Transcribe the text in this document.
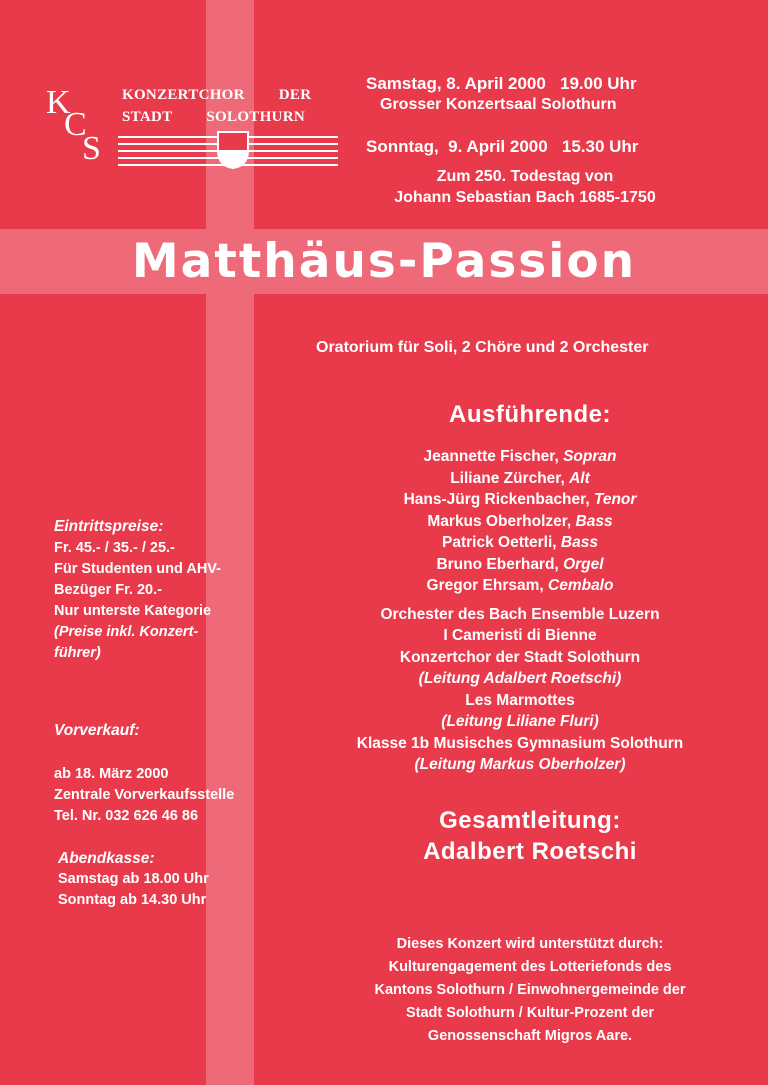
K
C
S
KONZERTCHOR DER
STADT SOLOTHURN

Samstag, 8. April 2000   19.00 Uhr

Sonntag,  9. April 2000   15.30 Uhr

Grosser Konzertsaal Solothurn
Zum 250. Todestag von
Johann Sebastian Bach 1685-1750
Matthäus-Passion
Oratorium für Soli, 2 Chöre und 2 Orchester
Ausführende:
Jeannette Fischer, Sopran
Liliane Zürcher, Alt
Hans-Jürg Rickenbacher, Tenor
Markus Oberholzer, Bass
Patrick Oetterli, Bass
Bruno Eberhard, Orgel
Gregor Ehrsam, Cembalo
Orchester des Bach Ensemble Luzern
I Cameristi di Bienne
Konzertchor der Stadt Solothurn
(Leitung Adalbert Roetschi)
Les Marmottes
(Leitung Liliane Fluri)
Klasse 1b Musisches Gymnasium Solothurn
(Leitung Markus Oberholzer)
Gesamtleitung:
Adalbert Roetschi
Eintrittspreise:
Fr. 45.- / 35.- / 25.-
Für Studenten und AHV-
Bezüger Fr. 20.-
Nur unterste Kategorie
(Preise inkl. Konzert-
führer)
Vorverkauf:
ab 18. März 2000
Zentrale Vorverkaufsstelle
Tel. Nr. 032 626 46 86
Abendkasse:
Samstag ab 18.00 Uhr
Sonntag ab 14.30 Uhr
Dieses Konzert wird unterstützt durch:
Kulturengagement des Lotteriefonds des
Kantons Solothurn / Einwohnergemeinde der
Stadt Solothurn / Kultur-Prozent der
Genossenschaft Migros Aare.
